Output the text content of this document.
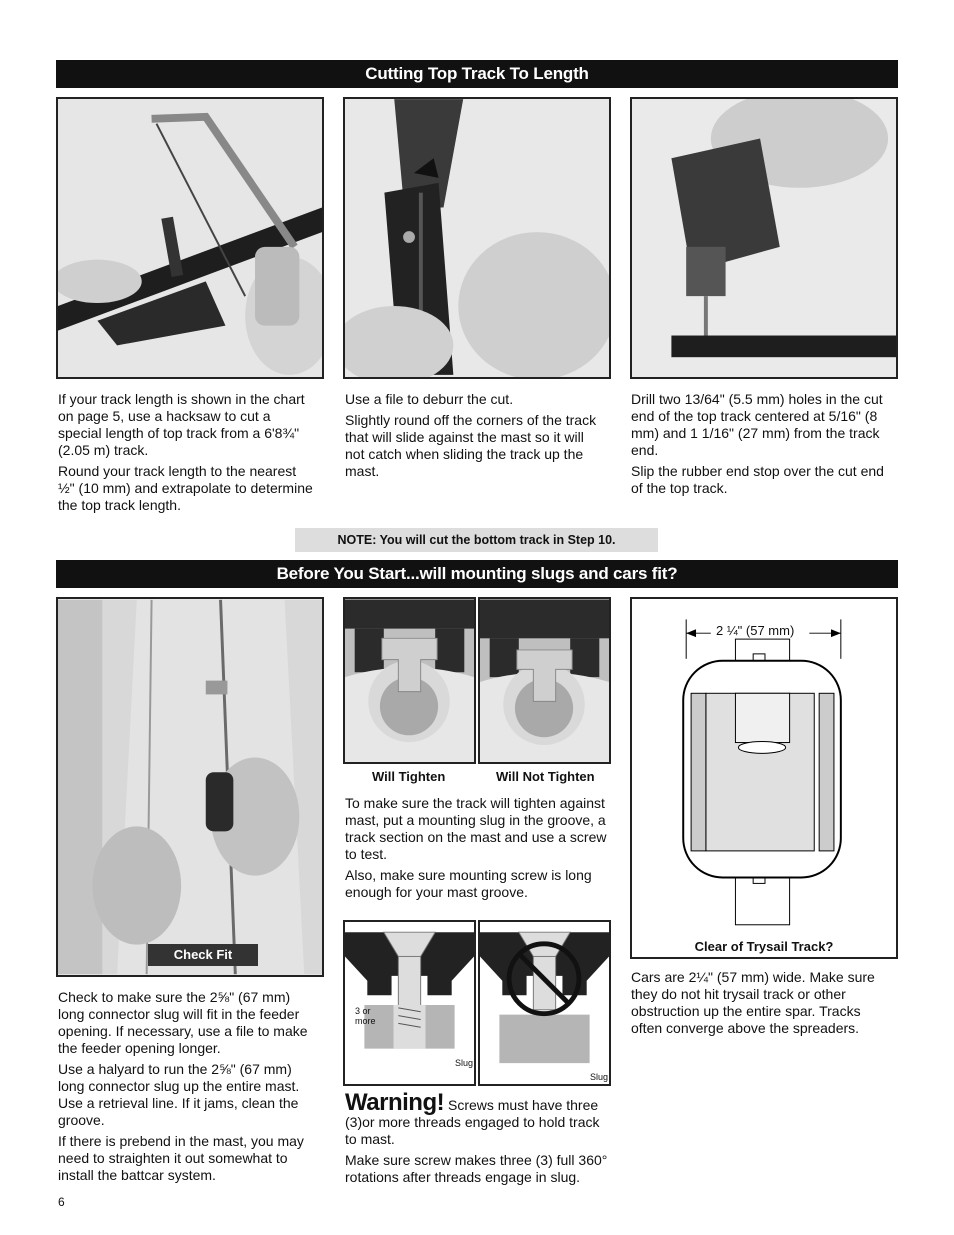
Cutting Top Track To Length

If your track length is shown in the chart on page 5, use a hacksaw to cut a special length of top track from a 6'8¾" (2.05 m) track.

Round your track length to the nearest ½" (10 mm) and extrapolate to determine the top track length.

Use a file to deburr the cut.

Slightly round off the corners of the track that will slide against the mast so it will not catch when sliding the track up the mast.

Drill two 13/64" (5.5 mm) holes in the cut end of the top track centered at 5/16" (8 mm) and 1 1/16" (27 mm) from the track end.

Slip the rubber end stop over the cut end of the top track.

NOTE: You will cut the bottom track in Step 10.
Before You Start...will mounting slugs and cars fit?
Check Fit
Will Tighten	Will Not Tighten

To make sure the track will tighten against mast, put a mounting slug in the groove, a track section on the mast and use a screw to test.

Also, make sure mounting screw is long enough for your mast groove.

3 or more
Slug
Slug

Warning! Screws must have three (3)or more threads engaged to hold track to mast.

Make sure screw makes three (3) full 360° rotations after threads engage in slug.

2 ¼" (57 mm)
Clear of Trysail Track?

Check to make sure the 2⅝" (67 mm) long connector slug will fit in the feeder opening. If necessary, use a file to make the feeder opening longer.

Use a halyard to run the 2⅝" (67 mm) long connector slug up the entire mast. Use a retrieval line. If it jams, clean the groove.

If there is prebend in the mast, you may need to straighten it out somewhat to install the battcar system.

Cars are 2¼" (57 mm) wide. Make sure they do not hit trysail track or other obstruction up the entire spar. Tracks often converge above the spreaders.

6
